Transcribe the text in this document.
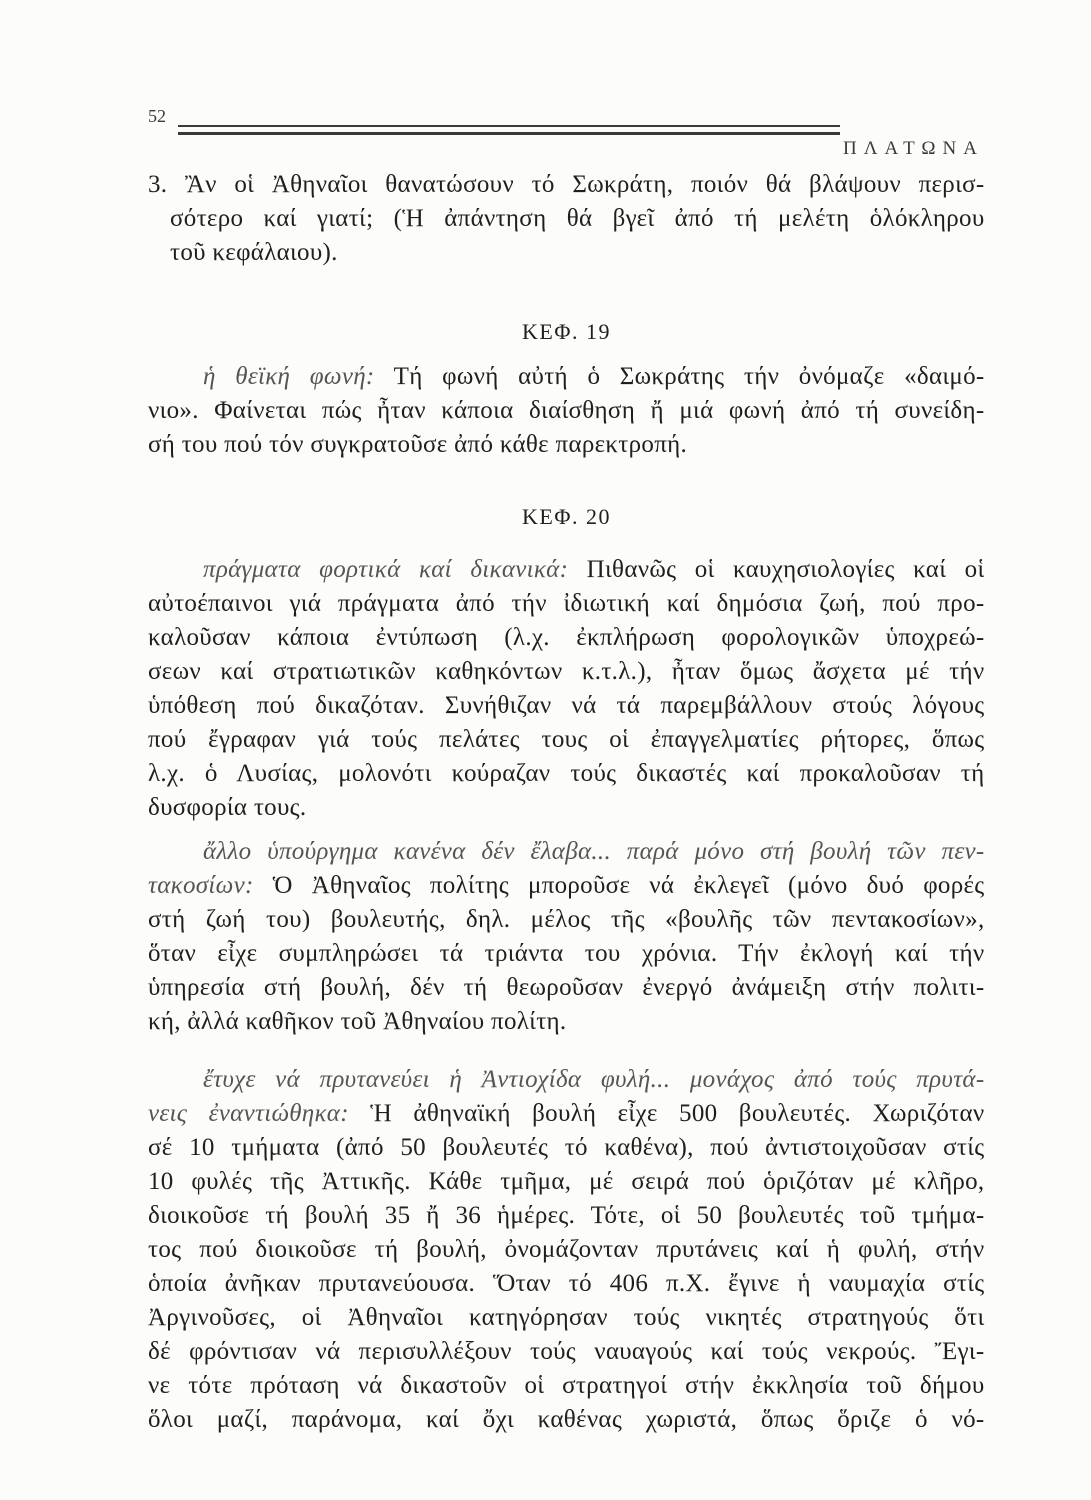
52
ΠΛΑΤΩΝΑ
3. Ἂν οἱ Ἀθηναῖοι θανατώσουν τό Σωκράτη, ποιόν θά βλάψουν περισ-
σότερο καί γιατί; (Ἡ ἀπάντηση θά βγεῖ ἀπό τή μελέτη ὁλόκληρου
τοῦ κεφάλαιου).
ΚΕΦ. 19
ἡ θεϊκή φωνή: Τή φωνή αὐτή ὁ Σωκράτης τήν ὀνόμαζε «δαιμό-
νιο». Φαίνεται πώς ἦταν κάποια διαίσθηση ἤ μιά φωνή ἀπό τή συνείδη-
σή του πού τόν συγκρατοῦσε ἀπό κάθε παρεκτροπή.
ΚΕΦ. 20
πράγματα φορτικά καί δικανικά: Πιθανῶς οἱ καυχησιολογίες καί οἱ
αὐτοέπαινοι γιά πράγματα ἀπό τήν ἰδιωτική καί δημόσια ζωή, πού προ-
καλοῦσαν κάποια ἐντύπωση (λ.χ. ἐκπλήρωση φορολογικῶν ὑποχρεώ-
σεων καί στρατιωτικῶν καθηκόντων κ.τ.λ.), ἦταν ὅμως ἄσχετα μέ τήν
ὑπόθεση πού δικαζόταν. Συνήθιζαν νά τά παρεμβάλλουν στούς λόγους
πού ἔγραφαν γιά τούς πελάτες τους οἱ ἐπαγγελματίες ρήτορες, ὅπως
λ.χ. ὁ Λυσίας, μολονότι κούραζαν τούς δικαστές καί προκαλοῦσαν τή
δυσφορία τους.
ἄλλο ὑπούργημα κανένα δέν ἔλαβα... παρά μόνο στή βουλή τῶν πεν-
τακοσίων: Ὁ Ἀθηναῖος πολίτης μποροῦσε νά ἐκλεγεῖ (μόνο δυό φορές
στή ζωή του) βουλευτής, δηλ. μέλος τῆς «βουλῆς τῶν πεντακοσίων»,
ὅταν εἶχε συμπληρώσει τά τριάντα του χρόνια. Τήν ἐκλογή καί τήν
ὑπηρεσία στή βουλή, δέν τή θεωροῦσαν ἐνεργό ἀνάμειξη στήν πολιτι-
κή, ἀλλά καθῆκον τοῦ Ἀθηναίου πολίτη.
ἔτυχε νά πρυτανεύει ἡ Ἀντιοχίδα φυλή... μονάχος ἀπό τούς πρυτά-
νεις ἐναντιώθηκα: Ἡ ἀθηναϊκή βουλή εἶχε 500 βουλευτές. Χωριζόταν
σέ 10 τμήματα (ἀπό 50 βουλευτές τό καθένα), πού ἀντιστοιχοῦσαν στίς
10 φυλές τῆς Ἀττικῆς. Κάθε τμῆμα, μέ σειρά πού ὁριζόταν μέ κλῆρο,
διοικοῦσε τή βουλή 35 ἤ 36 ἡμέρες. Τότε, οἱ 50 βουλευτές τοῦ τμήμα-
τος πού διοικοῦσε τή βουλή, ὀνομάζονταν πρυτάνεις καί ἡ φυλή, στήν
ὁποία ἀνῆκαν πρυτανεύουσα. Ὅταν τό 406 π.Χ. ἔγινε ἡ ναυμαχία στίς
Ἀργινοῦσες, οἱ Ἀθηναῖοι κατηγόρησαν τούς νικητές στρατηγούς ὅτι
δέ φρόντισαν νά περισυλλέξουν τούς ναυαγούς καί τούς νεκρούς. Ἔγι-
νε τότε πρόταση νά δικαστοῦν οἱ στρατηγοί στήν ἐκκλησία τοῦ δήμου
ὅλοι μαζί, παράνομα, καί ὄχι καθένας χωριστά, ὅπως ὅριζε ὁ νό-
